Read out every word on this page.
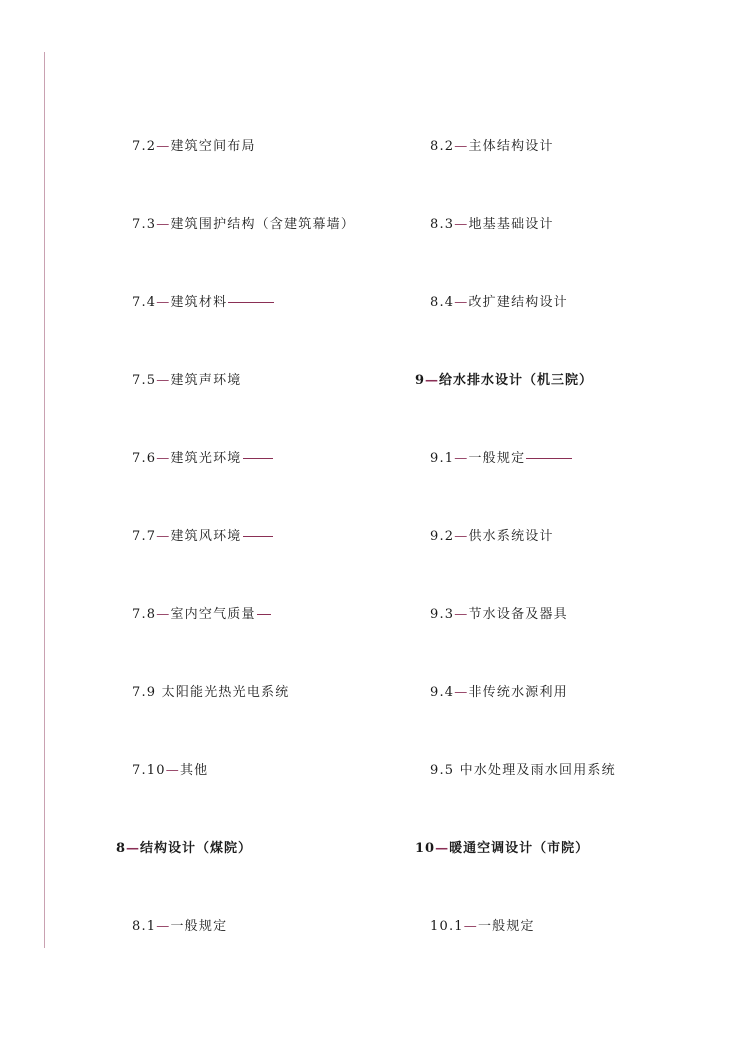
7.2—建筑空间布局
7.3—建筑围护结构（含建筑幕墙）
7.4—建筑材料
7.5—建筑声环境
7.6—建筑光环境
7.7—建筑风环境
7.8—室内空气质量
7.9 太阳能光热光电系统
7.10—其他
8—结构设计（煤院）
8.1—一般规定
8.2—主体结构设计
8.3—地基基础设计
8.4—改扩建结构设计
9—给水排水设计（机三院）
9.1—一般规定
9.2—供水系统设计
9.3—节水设备及器具
9.4—非传统水源利用
9.5 中水处理及雨水回用系统
10—暖通空调设计（市院）
10.1—一般规定
